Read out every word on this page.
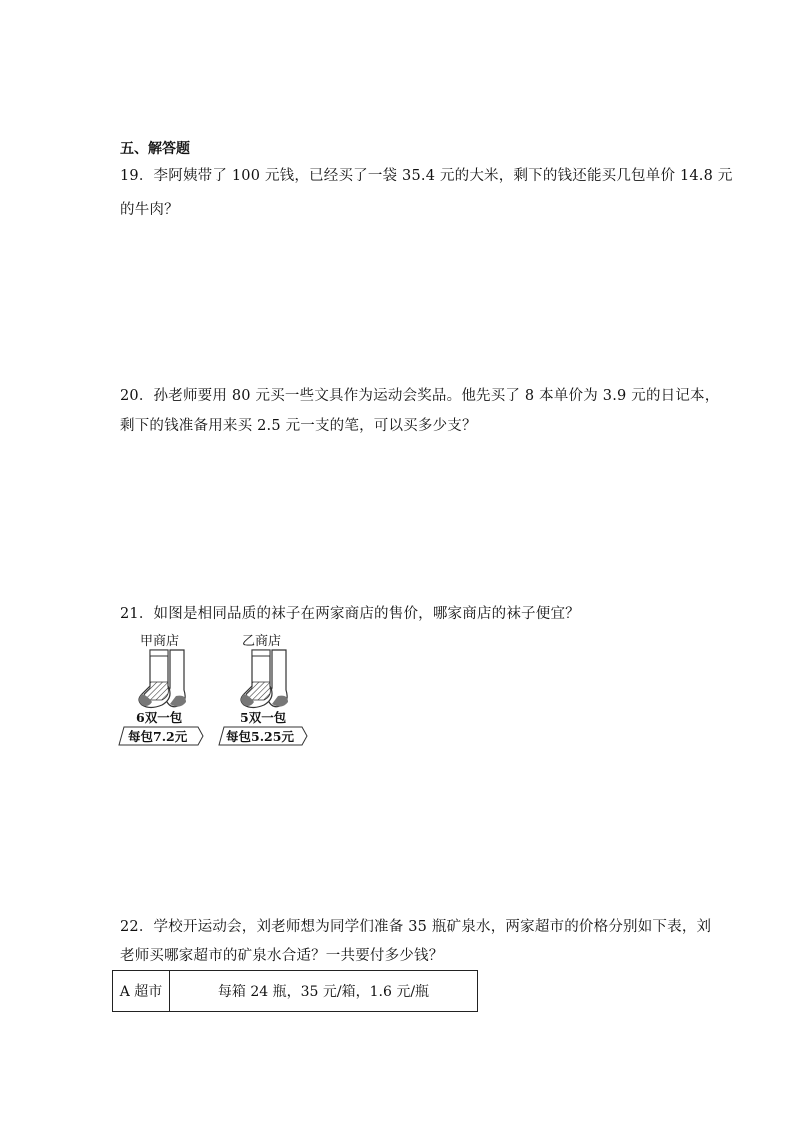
五、解答题
19．李阿姨带了 100 元钱，已经买了一袋 35.4 元的大米，剩下的钱还能买几包单价 14.8 元
的牛肉？
20．孙老师要用 80 元买一些文具作为运动会奖品。他先买了 8 本单价为 3.9 元的日记本，
剩下的钱准备用来买 2.5 元一支的笔，可以买多少支？
21．如图是相同品质的袜子在两家商店的售价，哪家商店的袜子便宜？
甲商店
6双一包
每包7.2元
乙商店
5双一包
每包5.25元
22．学校开运动会，刘老师想为同学们准备 35 瓶矿泉水，两家超市的价格分别如下表，刘
老师买哪家超市的矿泉水合适？一共要付多少钱？
A 超市	每箱 24 瓶，35 元/箱，1.6 元/瓶
